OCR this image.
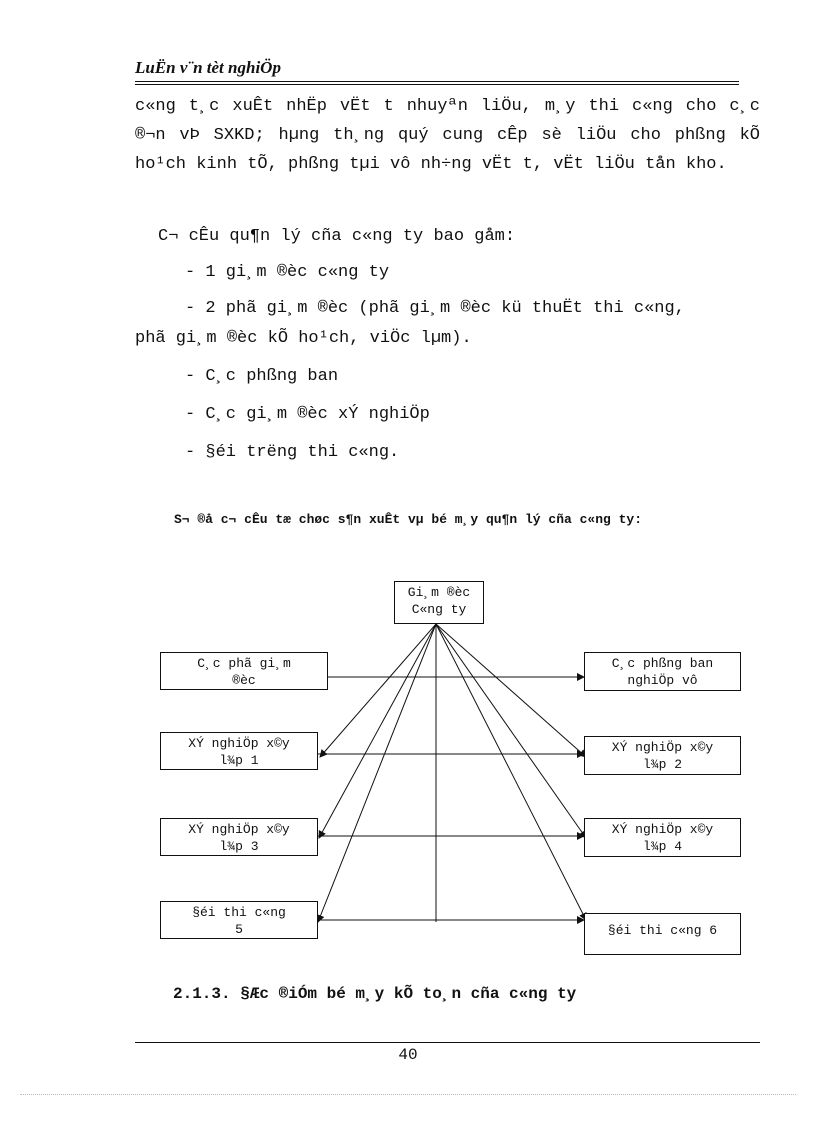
LuËn v¨n tèt nghiÖp

c«ng t¸c xuÊt nhËp vËt t nhuyªn liÖu, m¸y thi c«ng cho c¸c ®¬n vÞ SXKD; hµng th¸ng quý cung cÊp sè liÖu cho phßng kÕ ho¹ch kinh tÕ, phßng tµi vô nh÷ng vËt t, vËt liÖu tån kho.

C¬ cÊu qu¶n lý cña c«ng ty bao gåm:
- 1 gi¸m ®èc c«ng ty
- 2 phã gi¸m ®èc (phã gi¸m ®èc kü thuËt thi c«ng,
phã gi¸m ®èc kÕ ho¹ch, viÖc lµm).
- C¸c phßng ban
- C¸c gi¸m ®èc xÝ nghiÖp
- §éi trëng thi c«ng.
S¬ ®å c¬ cÊu tæ chøc s¶n xuÊt vµ bé m¸y qu¶n lý cña c«ng ty:
Gi¸m ®èc
C«ng ty
C¸c phã gi¸m
®èc
XÝ nghiÖp x©y
l¾p 1
XÝ nghiÖp x©y
l¾p 3
§éi thi c«ng
5
C¸c phßng ban
nghiÖp vô
XÝ nghiÖp x©y
l¾p 2
XÝ nghiÖp x©y
l¾p 4
§éi thi c«ng 6
2.1.3. §Æc ®iÓm bé m¸y kÕ to¸n cña c«ng ty
40
